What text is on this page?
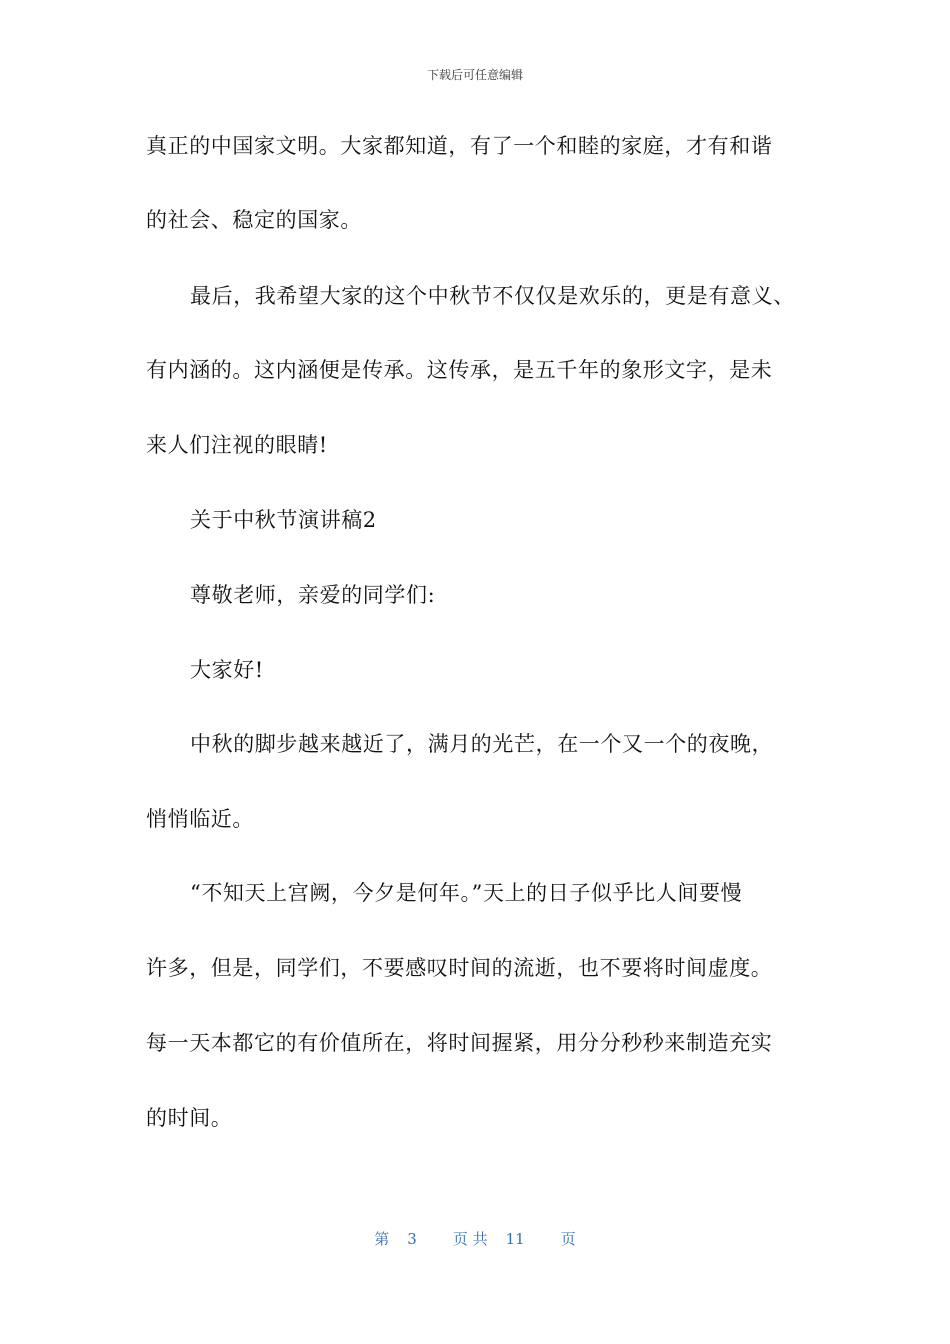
下载后可任意编辑
真正的中国家文明。大家都知道，有了一个和睦的家庭，才有和谐
的社会、稳定的国家。
最后，我希望大家的这个中秋节不仅仅是欢乐的，更是有意义、
有内涵的。这内涵便是传承。这传承，是五千年的象形文字，是未
来人们注视的眼睛!
关于中秋节演讲稿2
尊敬老师，亲爱的同学们:
大家好!
中秋的脚步越来越近了，满月的光芒，在一个又一个的夜晚，
悄悄临近。
“不知天上宫阙，今夕是何年。”天上的日子似乎比人间要慢
许多，但是，同学们，不要感叹时间的流逝，也不要将时间虚度。
每一天本都它的有价值所在，将时间握紧，用分分秒秒来制造充实
的时间。
第 3 页 共 11 页
